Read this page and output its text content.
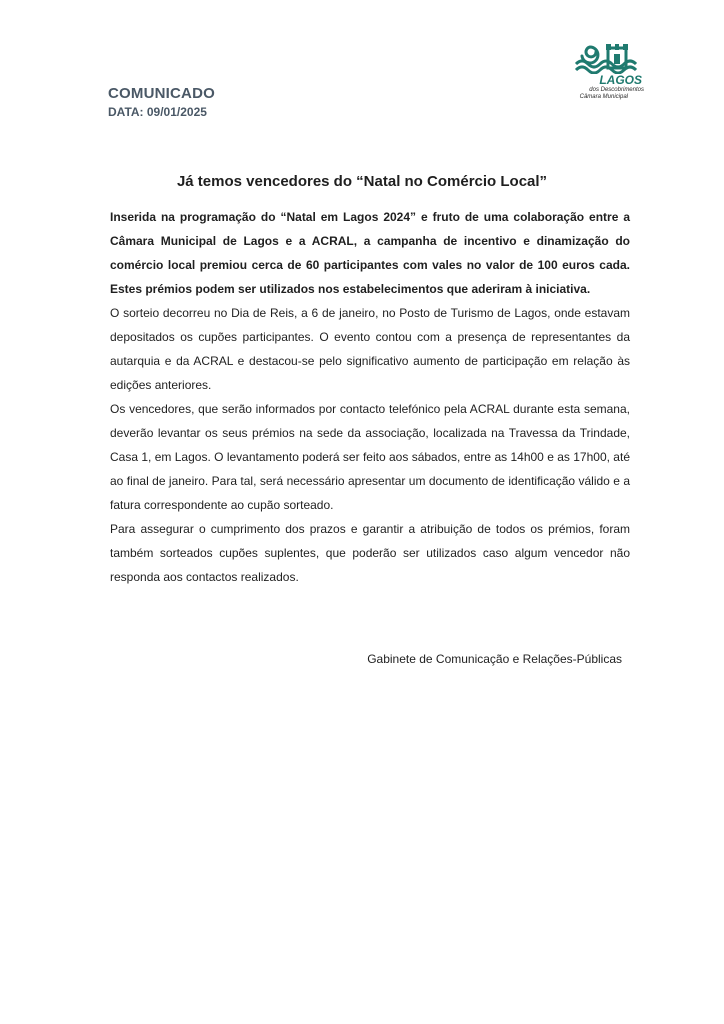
COMUNICADO
DATA: 09/01/2025
LAGOS
dos Descobrimentos
Câmara Municipal
Já temos vencedores do “Natal no Comércio Local”

Inserida na programação do “Natal em Lagos 2024” e fruto de uma colaboração entre a Câmara Municipal de Lagos e a ACRAL, a campanha de incentivo e dinamização do comércio local premiou cerca de 60 participantes com vales no valor de 100 euros cada. Estes prémios podem ser utilizados nos estabelecimentos que aderiram à iniciativa.

O sorteio decorreu no Dia de Reis, a 6 de janeiro, no Posto de Turismo de Lagos, onde estavam depositados os cupões participantes. O evento contou com a presença de representantes da autarquia e da ACRAL e destacou-se pelo significativo aumento de participação em relação às edições anteriores.

Os vencedores, que serão informados por contacto telefónico pela ACRAL durante esta semana, deverão levantar os seus prémios na sede da associação, localizada na Travessa da Trindade, Casa 1, em Lagos. O levantamento poderá ser feito aos sábados, entre as 14h00 e as 17h00, até ao final de janeiro. Para tal, será necessário apresentar um documento de identificação válido e a fatura correspondente ao cupão sorteado.

Para assegurar o cumprimento dos prazos e garantir a atribuição de todos os prémios, foram também sorteados cupões suplentes, que poderão ser utilizados caso algum vencedor não responda aos contactos realizados.

Gabinete de Comunicação e Relações-Públicas
